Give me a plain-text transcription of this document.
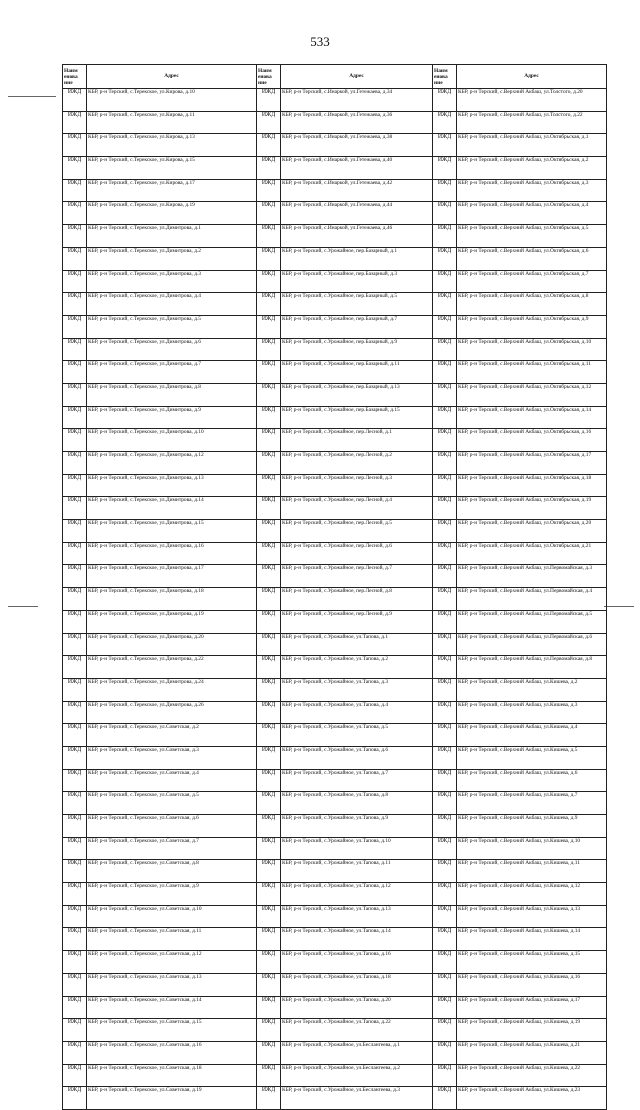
533
Наим енова ние	Адрес	Наим енова ние	Адрес	Наим енова ние	Адрес
ИЖД	КБР, р-н Терский, с.Терекское, ул.Кирова, д.10	ИЖД	КБР, р-н Терский, с.Инаркой, ул.Гетежаева, д.34	ИЖД	КБР, р-н Терский, с.Верхний Акбаш, ул.Толстого, д.20
ИЖД	КБР, р-н Терский, с.Терекское, ул.Кирова, д.11	ИЖД	КБР, р-н Терский, с.Инаркой, ул.Гетежаева, д.36	ИЖД	КБР, р-н Терский, с.Верхний Акбаш, ул.Толстого, д.22
ИЖД	КБР, р-н Терский, с.Терекское, ул.Кирова, д.13	ИЖД	КБР, р-н Терский, с.Инаркой, ул.Гетежаева, д.38	ИЖД	КБР, р-н Терский, с.Верхний Акбаш, ул.Октябрьская, д.1
ИЖД	КБР, р-н Терский, с.Терекское, ул.Кирова, д.15	ИЖД	КБР, р-н Терский, с.Инаркой, ул.Гетежаева, д.40	ИЖД	КБР, р-н Терский, с.Верхний Акбаш, ул.Октябрьская, д.2
ИЖД	КБР, р-н Терский, с.Терекское, ул.Кирова, д.17	ИЖД	КБР, р-н Терский, с.Инаркой, ул.Гетежаева, д.42	ИЖД	КБР, р-н Терский, с.Верхний Акбаш, ул.Октябрьская, д.3
ИЖД	КБР, р-н Терский, с.Терекское, ул.Кирова, д.19	ИЖД	КБР, р-н Терский, с.Инаркой, ул.Гетежаева, д.44	ИЖД	КБР, р-н Терский, с.Верхний Акбаш, ул.Октябрьская, д.4
ИЖД	КБР, р-н Терский, с.Терекское, ул.Димитрова, д.1	ИЖД	КБР, р-н Терский, с.Инаркой, ул.Гетежаева, д.46	ИЖД	КБР, р-н Терский, с.Верхний Акбаш, ул.Октябрьская, д.5
ИЖД	КБР, р-н Терский, с.Терекское, ул.Димитрова, д.2	ИЖД	КБР, р-н Терский, с.Урожайное, пер.Базарный, д.1	ИЖД	КБР, р-н Терский, с.Верхний Акбаш, ул.Октябрьская, д.6
ИЖД	КБР, р-н Терский, с.Терекское, ул.Димитрова, д.3	ИЖД	КБР, р-н Терский, с.Урожайное, пер.Базарный, д.3	ИЖД	КБР, р-н Терский, с.Верхний Акбаш, ул.Октябрьская, д.7
ИЖД	КБР, р-н Терский, с.Терекское, ул.Димитрова, д.4	ИЖД	КБР, р-н Терский, с.Урожайное, пер.Базарный, д.5	ИЖД	КБР, р-н Терский, с.Верхний Акбаш, ул.Октябрьская, д.8
ИЖД	КБР, р-н Терский, с.Терекское, ул.Димитрова, д.5	ИЖД	КБР, р-н Терский, с.Урожайное, пер.Базарный, д.7	ИЖД	КБР, р-н Терский, с.Верхний Акбаш, ул.Октябрьская, д.9
ИЖД	КБР, р-н Терский, с.Терекское, ул.Димитрова, д.6	ИЖД	КБР, р-н Терский, с.Урожайное, пер.Базарный, д.9	ИЖД	КБР, р-н Терский, с.Верхний Акбаш, ул.Октябрьская, д.10
ИЖД	КБР, р-н Терский, с.Терекское, ул.Димитрова, д.7	ИЖД	КБР, р-н Терский, с.Урожайное, пер.Базарный, д.11	ИЖД	КБР, р-н Терский, с.Верхний Акбаш, ул.Октябрьская, д.11
ИЖД	КБР, р-н Терский, с.Терекское, ул.Димитрова, д.8	ИЖД	КБР, р-н Терский, с.Урожайное, пер.Базарный, д.13	ИЖД	КБР, р-н Терский, с.Верхний Акбаш, ул.Октябрьская, д.12
ИЖД	КБР, р-н Терский, с.Терекское, ул.Димитрова, д.9	ИЖД	КБР, р-н Терский, с.Урожайное, пер.Базарный, д.15	ИЖД	КБР, р-н Терский, с.Верхний Акбаш, ул.Октябрьская, д.14
ИЖД	КБР, р-н Терский, с.Терекское, ул.Димитрова, д.10	ИЖД	КБР, р-н Терский, с.Урожайное, пер.Лесной, д.1	ИЖД	КБР, р-н Терский, с.Верхний Акбаш, ул.Октябрьская, д.16
ИЖД	КБР, р-н Терский, с.Терекское, ул.Димитрова, д.12	ИЖД	КБР, р-н Терский, с.Урожайное, пер.Лесной, д.2	ИЖД	КБР, р-н Терский, с.Верхний Акбаш, ул.Октябрьская, д.17
ИЖД	КБР, р-н Терский, с.Терекское, ул.Димитрова, д.13	ИЖД	КБР, р-н Терский, с.Урожайное, пер.Лесной, д.3	ИЖД	КБР, р-н Терский, с.Верхний Акбаш, ул.Октябрьская, д.18
ИЖД	КБР, р-н Терский, с.Терекское, ул.Димитрова, д.14	ИЖД	КБР, р-н Терский, с.Урожайное, пер.Лесной, д.4	ИЖД	КБР, р-н Терский, с.Верхний Акбаш, ул.Октябрьская, д.19
ИЖД	КБР, р-н Терский, с.Терекское, ул.Димитрова, д.15	ИЖД	КБР, р-н Терский, с.Урожайное, пер.Лесной, д.5	ИЖД	КБР, р-н Терский, с.Верхний Акбаш, ул.Октябрьская, д.20
ИЖД	КБР, р-н Терский, с.Терекское, ул.Димитрова, д.16	ИЖД	КБР, р-н Терский, с.Урожайное, пер.Лесной, д.6	ИЖД	КБР, р-н Терский, с.Верхний Акбаш, ул.Октябрьская, д.21
ИЖД	КБР, р-н Терский, с.Терекское, ул.Димитрова, д.17	ИЖД	КБР, р-н Терский, с.Урожайное, пер.Лесной, д.7	ИЖД	КБР, р-н Терский, с.Верхний Акбаш, ул.Первомайская, д.3
ИЖД	КБР, р-н Терский, с.Терекское, ул.Димитрова, д.18	ИЖД	КБР, р-н Терский, с.Урожайное, пер.Лесной, д.8	ИЖД	КБР, р-н Терский, с.Верхний Акбаш, ул.Первомайская, д.4
ИЖД	КБР, р-н Терский, с.Терекское, ул.Димитрова, д.19	ИЖД	КБР, р-н Терский, с.Урожайное, пер.Лесной, д.9	ИЖД	КБР, р-н Терский, с.Верхний Акбаш, ул.Первомайская, д.5
ИЖД	КБР, р-н Терский, с.Терекское, ул.Димитрова, д.20	ИЖД	КБР, р-н Терский, с.Урожайное, ул.Тапова, д.1	ИЖД	КБР, р-н Терский, с.Верхний Акбаш, ул.Первомайская, д.6
ИЖД	КБР, р-н Терский, с.Терекское, ул.Димитрова, д.22	ИЖД	КБР, р-н Терский, с.Урожайное, ул.Тапова, д.2	ИЖД	КБР, р-н Терский, с.Верхний Акбаш, ул.Первомайская, д.8
ИЖД	КБР, р-н Терский, с.Терекское, ул.Димитрова, д.24	ИЖД	КБР, р-н Терский, с.Урожайное, ул.Тапова, д.3	ИЖД	КБР, р-н Терский, с.Верхний Акбаш, ул.Кишева, д.2
ИЖД	КБР, р-н Терский, с.Терекское, ул.Димитрова, д.26	ИЖД	КБР, р-н Терский, с.Урожайное, ул.Тапова, д.4	ИЖД	КБР, р-н Терский, с.Верхний Акбаш, ул.Кишева, д.3
ИЖД	КБР, р-н Терский, с.Терекское, ул.Советская, д.2	ИЖД	КБР, р-н Терский, с.Урожайное, ул.Тапова, д.5	ИЖД	КБР, р-н Терский, с.Верхний Акбаш, ул.Кишева, д.4
ИЖД	КБР, р-н Терский, с.Терекское, ул.Советская, д.3	ИЖД	КБР, р-н Терский, с.Урожайное, ул.Тапова, д.6	ИЖД	КБР, р-н Терский, с.Верхний Акбаш, ул.Кишева, д.5
ИЖД	КБР, р-н Терский, с.Терекское, ул.Советская, д.4	ИЖД	КБР, р-н Терский, с.Урожайное, ул.Тапова, д.7	ИЖД	КБР, р-н Терский, с.Верхний Акбаш, ул.Кишева, д.6
ИЖД	КБР, р-н Терский, с.Терекское, ул.Советская, д.5	ИЖД	КБР, р-н Терский, с.Урожайное, ул.Тапова, д.8	ИЖД	КБР, р-н Терский, с.Верхний Акбаш, ул.Кишева, д.7
ИЖД	КБР, р-н Терский, с.Терекское, ул.Советская, д.6	ИЖД	КБР, р-н Терский, с.Урожайное, ул.Тапова, д.9	ИЖД	КБР, р-н Терский, с.Верхний Акбаш, ул.Кишева, д.9
ИЖД	КБР, р-н Терский, с.Терекское, ул.Советская, д.7	ИЖД	КБР, р-н Терский, с.Урожайное, ул.Тапова, д.10	ИЖД	КБР, р-н Терский, с.Верхний Акбаш, ул.Кишева, д.10
ИЖД	КБР, р-н Терский, с.Терекское, ул.Советская, д.8	ИЖД	КБР, р-н Терский, с.Урожайное, ул.Тапова, д.11	ИЖД	КБР, р-н Терский, с.Верхний Акбаш, ул.Кишева, д.11
ИЖД	КБР, р-н Терский, с.Терекское, ул.Советская, д.9	ИЖД	КБР, р-н Терский, с.Урожайное, ул.Тапова, д.12	ИЖД	КБР, р-н Терский, с.Верхний Акбаш, ул.Кишева, д.12
ИЖД	КБР, р-н Терский, с.Терекское, ул.Советская, д.10	ИЖД	КБР, р-н Терский, с.Урожайное, ул.Тапова, д.13	ИЖД	КБР, р-н Терский, с.Верхний Акбаш, ул.Кишева, д.13
ИЖД	КБР, р-н Терский, с.Терекское, ул.Советская, д.11	ИЖД	КБР, р-н Терский, с.Урожайное, ул.Тапова, д.14	ИЖД	КБР, р-н Терский, с.Верхний Акбаш, ул.Кишева, д.14
ИЖД	КБР, р-н Терский, с.Терекское, ул.Советская, д.12	ИЖД	КБР, р-н Терский, с.Урожайное, ул.Тапова, д.16	ИЖД	КБР, р-н Терский, с.Верхний Акбаш, ул.Кишева, д.15
ИЖД	КБР, р-н Терский, с.Терекское, ул.Советская, д.13	ИЖД	КБР, р-н Терский, с.Урожайное, ул.Тапова, д.18	ИЖД	КБР, р-н Терский, с.Верхний Акбаш, ул.Кишева, д.16
ИЖД	КБР, р-н Терский, с.Терекское, ул.Советская, д.14	ИЖД	КБР, р-н Терский, с.Урожайное, ул.Тапова, д.20	ИЖД	КБР, р-н Терский, с.Верхний Акбаш, ул.Кишева, д.17
ИЖД	КБР, р-н Терский, с.Терекское, ул.Советская, д.15	ИЖД	КБР, р-н Терский, с.Урожайное, ул.Тапова, д.22	ИЖД	КБР, р-н Терский, с.Верхний Акбаш, ул.Кишева, д.19
ИЖД	КБР, р-н Терский, с.Терекское, ул.Советская, д.16	ИЖД	КБР, р-н Терский, с.Урожайное, ул.Беслангеева, д.1	ИЖД	КБР, р-н Терский, с.Верхний Акбаш, ул.Кишева, д.21
ИЖД	КБР, р-н Терский, с.Терекское, ул.Советская, д.18	ИЖД	КБР, р-н Терский, с.Урожайное, ул.Беслангеева, д.2	ИЖД	КБР, р-н Терский, с.Верхний Акбаш, ул.Кишева, д.22
ИЖД	КБР, р-н Терский, с.Терекское, ул.Советская, д.19	ИЖД	КБР, р-н Терский, с.Урожайное, ул.Беслангеева, д.3	ИЖД	КБР, р-н Терский, с.Верхний Акбаш, ул.Кишева, д.23
